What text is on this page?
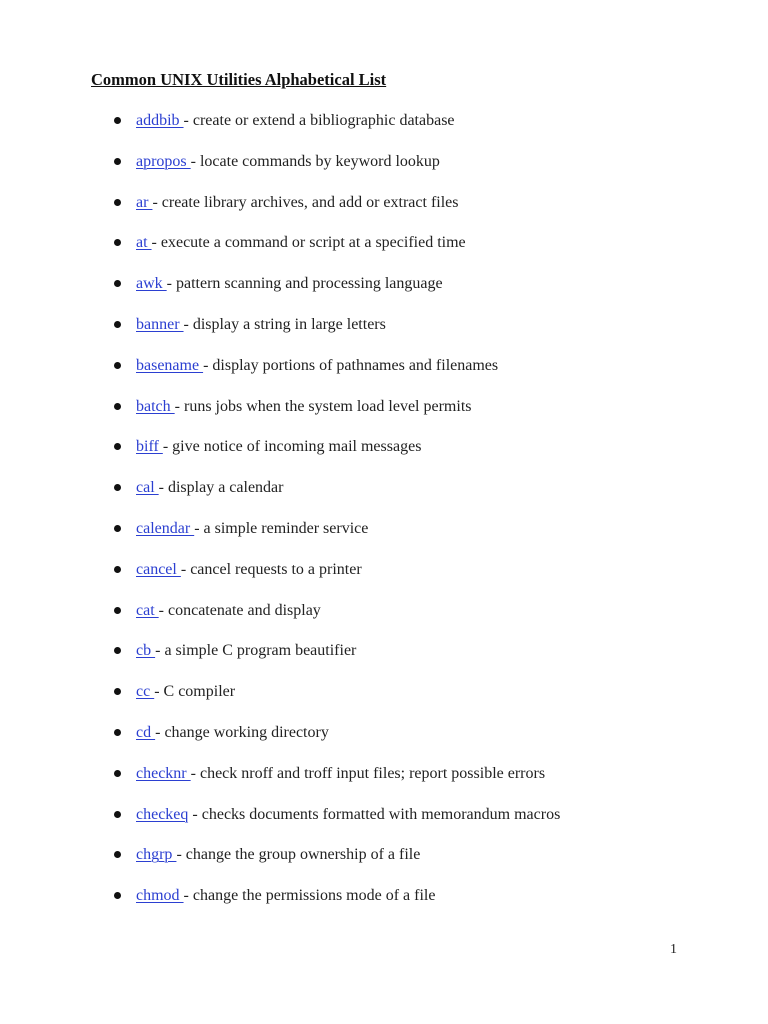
Common UNIX Utilities Alphabetical List
addbib - create or extend a bibliographic database
apropos - locate commands by keyword lookup
ar - create library archives, and add or extract files
at - execute a command or script at a specified time
awk - pattern scanning and processing language
banner - display a string in large letters
basename - display portions of pathnames and filenames
batch - runs jobs when the system load level permits
biff - give notice of incoming mail messages
cal - display a calendar
calendar - a simple reminder service
cancel - cancel requests to a printer
cat - concatenate and display
cb - a simple C program beautifier
cc - C compiler
cd - change working directory
checknr - check nroff and troff input files; report possible errors
checkeq - checks documents formatted with memorandum macros
chgrp - change the group ownership of a file
chmod - change the permissions mode of a file
1
